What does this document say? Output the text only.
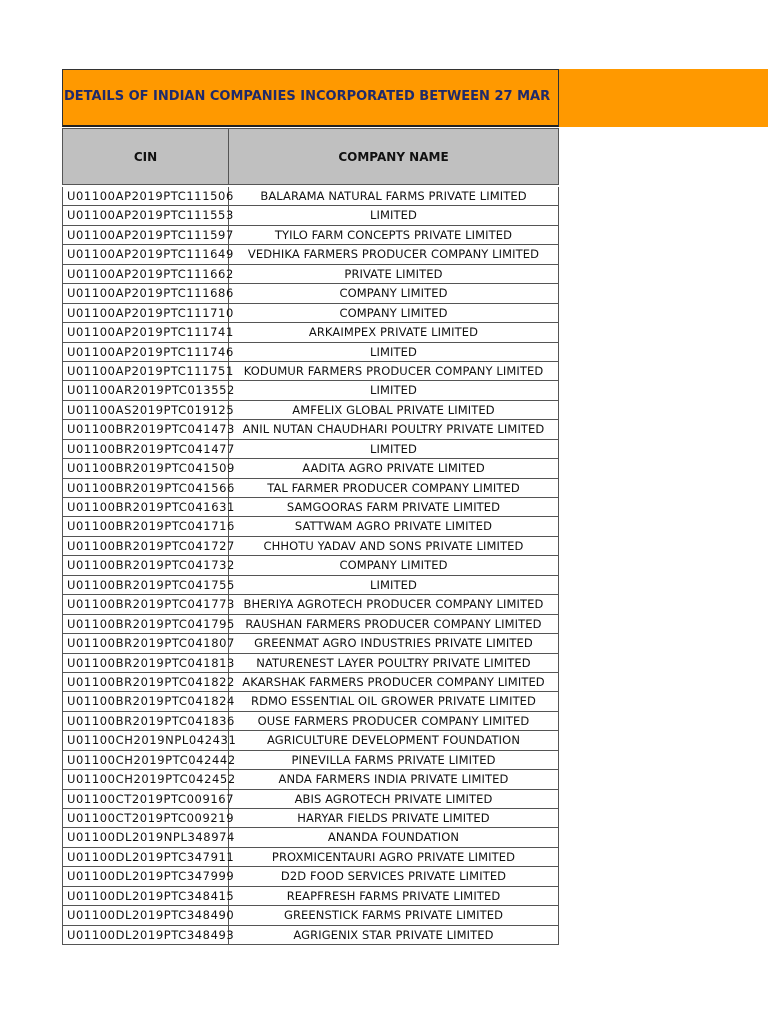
DETAILS OF INDIAN COMPANIES INCORPORATED BETWEEN 27 MAR
CIN	COMPANY NAME
U01100AP2019PTC111506	BALARAMA NATURAL FARMS PRIVATE LIMITED
U01100AP2019PTC111553	LIMITED
U01100AP2019PTC111597	TYILO FARM CONCEPTS PRIVATE LIMITED
U01100AP2019PTC111649	VEDHIKA FARMERS PRODUCER COMPANY LIMITED
U01100AP2019PTC111662	PRIVATE LIMITED
U01100AP2019PTC111686	COMPANY LIMITED
U01100AP2019PTC111710	COMPANY LIMITED
U01100AP2019PTC111741	ARKAIMPEX PRIVATE LIMITED
U01100AP2019PTC111746	LIMITED
U01100AP2019PTC111751 KODUMUR FARMERS PRODUCER COMPANY LIMITED
U01100AR2019PTC013552	LIMITED
U01100AS2019PTC019125	AMFELIX GLOBAL PRIVATE LIMITED
U01100BR2019PTC041473 ANIL NUTAN CHAUDHARI POULTRY PRIVATE LIMITED
U01100BR2019PTC041477	LIMITED
U01100BR2019PTC041509	AADITA AGRO PRIVATE LIMITED
U01100BR2019PTC041566	TAL FARMER PRODUCER COMPANY LIMITED
U01100BR2019PTC041631	SAMGOORAS FARM PRIVATE LIMITED
U01100BR2019PTC041716	SATTWAM AGRO PRIVATE LIMITED
U01100BR2019PTC041727	CHHOTU YADAV AND SONS PRIVATE LIMITED
U01100BR2019PTC041732	COMPANY LIMITED
U01100BR2019PTC041755	LIMITED
U01100BR2019PTC041773 BHERIYA AGROTECH PRODUCER COMPANY LIMITED
U01100BR2019PTC041795 RAUSHAN FARMERS PRODUCER COMPANY LIMITED
U01100BR2019PTC041807	GREENMAT AGRO INDUSTRIES PRIVATE LIMITED
U01100BR2019PTC041813	NATURENEST LAYER POULTRY PRIVATE LIMITED
U01100BR2019PTC041822 AKARSHAK FARMERS PRODUCER COMPANY LIMITED
U01100BR2019PTC041824	RDMO ESSENTIAL OIL GROWER PRIVATE LIMITED
U01100BR2019PTC041836	OUSE FARMERS PRODUCER COMPANY LIMITED
U01100CH2019NPL042431	AGRICULTURE DEVELOPMENT FOUNDATION
U01100CH2019PTC042442	PINEVILLA FARMS PRIVATE LIMITED
U01100CH2019PTC042452	ANDA FARMERS INDIA PRIVATE LIMITED
U01100CT2019PTC009167	ABIS AGROTECH PRIVATE LIMITED
U01100CT2019PTC009219	HARYAR FIELDS PRIVATE LIMITED
U01100DL2019NPL348974	ANANDA FOUNDATION
U01100DL2019PTC347911	PROXMICENTAURI AGRO PRIVATE LIMITED
U01100DL2019PTC347999	D2D FOOD SERVICES PRIVATE LIMITED
U01100DL2019PTC348415	REAPFRESH FARMS PRIVATE LIMITED
U01100DL2019PTC348490	GREENSTICK FARMS PRIVATE LIMITED
U01100DL2019PTC348493	AGRIGENIX STAR PRIVATE LIMITED
